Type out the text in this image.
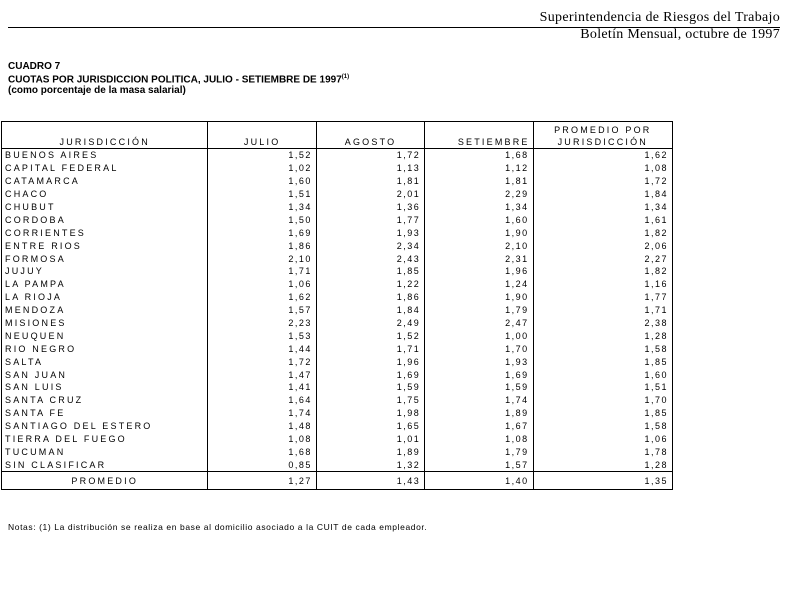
Superintendencia de Riesgos del Trabajo
Boletín Mensual, octubre de 1997
CUADRO 7
CUOTAS POR JURISDICCION POLITICA, JULIO - SETIEMBRE DE 1997$^{(1)}$
(como porcentaje de la masa salarial)
JURISDICCIÓN	JULIO	AGOSTO	SETIEMBRE	PROMEDIO POR
JURISDICCIÓN

BUENOS AIRES	1,52	1,72	1,68	1,62
CAPITAL FEDERAL	1,02	1,13	1,12	1,08
CATAMARCA	1,60	1,81	1,81	1,72
CHACO	1,51	2,01	2,29	1,84
CHUBUT	1,34	1,36	1,34	1,34
CORDOBA	1,50	1,77	1,60	1,61
CORRIENTES	1,69	1,93	1,90	1,82
ENTRE RIOS	1,86	2,34	2,10	2,06
FORMOSA	2,10	2,43	2,31	2,27
JUJUY	1,71	1,85	1,96	1,82
LA PAMPA	1,06	1,22	1,24	1,16
LA RIOJA	1,62	1,86	1,90	1,77
MENDOZA	1,57	1,84	1,79	1,71
MISIONES	2,23	2,49	2,47	2,38
NEUQUEN	1,53	1,52	1,00	1,28
RIO NEGRO	1,44	1,71	1,70	1,58
SALTA	1,72	1,96	1,93	1,85
SAN JUAN	1,47	1,69	1,69	1,60
SAN LUIS	1,41	1,59	1,59	1,51
SANTA CRUZ	1,64	1,75	1,74	1,70
SANTA FE	1,74	1,98	1,89	1,85
SANTIAGO DEL ESTERO	1,48	1,65	1,67	1,58
TIERRA DEL FUEGO	1,08	1,01	1,08	1,06
TUCUMAN	1,68	1,89	1,79	1,78
SIN CLASIFICAR	0,85	1,32	1,57	1,28
PROMEDIO	1,27	1,43	1,40	1,35
Notas: (1) La distribución se realiza en base al domicilio asociado a la CUIT de cada empleador.
